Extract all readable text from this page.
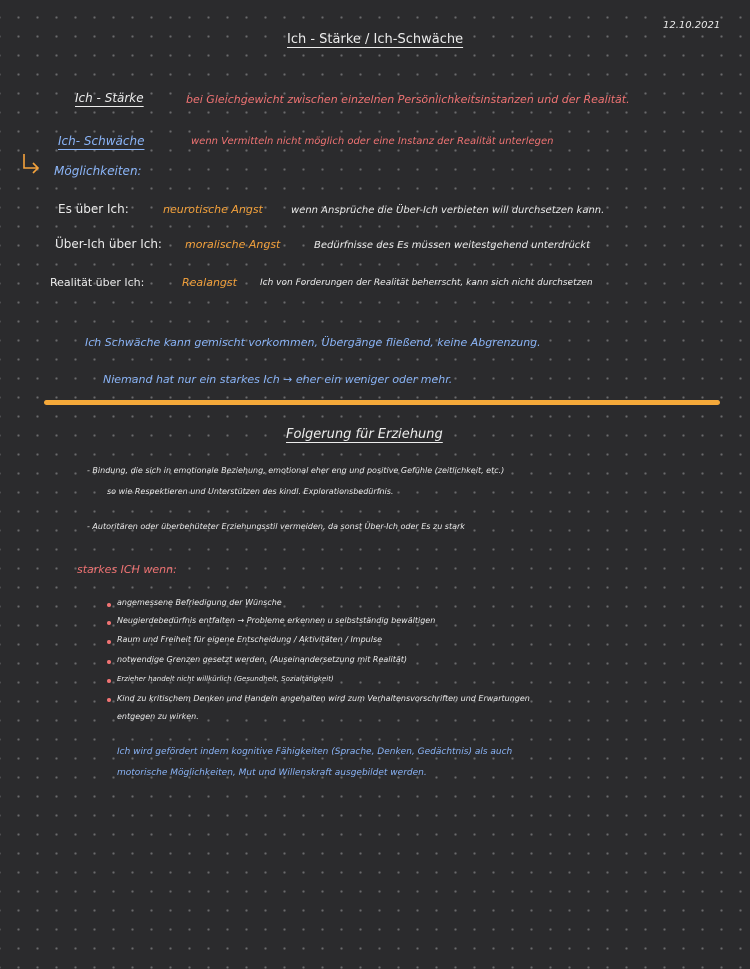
12.10.2021
Ich - Stärke / Ich-Schwäche
Ich - Stärke	bei Gleichgewicht zwischen einzelnen Persönlichkeitsinstanzen und der Realität.
Ich- Schwäche	wenn Vermitteln nicht möglich oder eine Instanz der Realität unterlegen
Möglichkeiten:
Es über Ich:	neurotische Angst	wenn Ansprüche die Über-Ich verbieten will durchsetzen kann.
Über-Ich über Ich: moralische Angst	Bedürfnisse des Es müssen weitestgehend unterdrückt
Realität über Ich:	Realangst	Ich von Forderungen der Realität beherrscht, kann sich nicht durchsetzen
Ich Schwäche kann gemischt vorkommen, Übergänge fließend, keine Abgrenzung.
Niemand hat nur ein starkes Ich → eher ein weniger oder mehr.
Folgerung für Erziehung
- Bindung, die sich in emotionale Beziehung, emotional eher eng und positive Gefühle (zeitlichkeit, etc.)
so wie Respektieren und Unterstützen des kindl. Explorationsbedürfnis.
- Autoritären oder überbehüteter Erziehungsstil vermeiden, da sonst Über-Ich oder Es zu stark
starkes ICH wenn:
angemessene Befriedigung der Wünsche
Neugierdebedürfnis entfalten → Probleme erkennen u selbstständig bewältigen
Raum und Freiheit für eigene Entscheidung / Aktivitäten / Impulse
notwendige Grenzen gesetzt werden. (Auseinandersetzung mit Realität)
Erzieher handelt nicht willkürlich (Gesundheit, Sozialtätigkeit)
Kind zu kritischem Denken und Handeln angehalten wird zum Verhaltensvorschriften und Erwartungen
entgegen zu wirken.
Ich wird gefördert indem kognitive Fähigkeiten (Sprache, Denken, Gedächtnis) als auch
motorische Möglichkeiten, Mut und Willenskraft ausgebildet werden.
